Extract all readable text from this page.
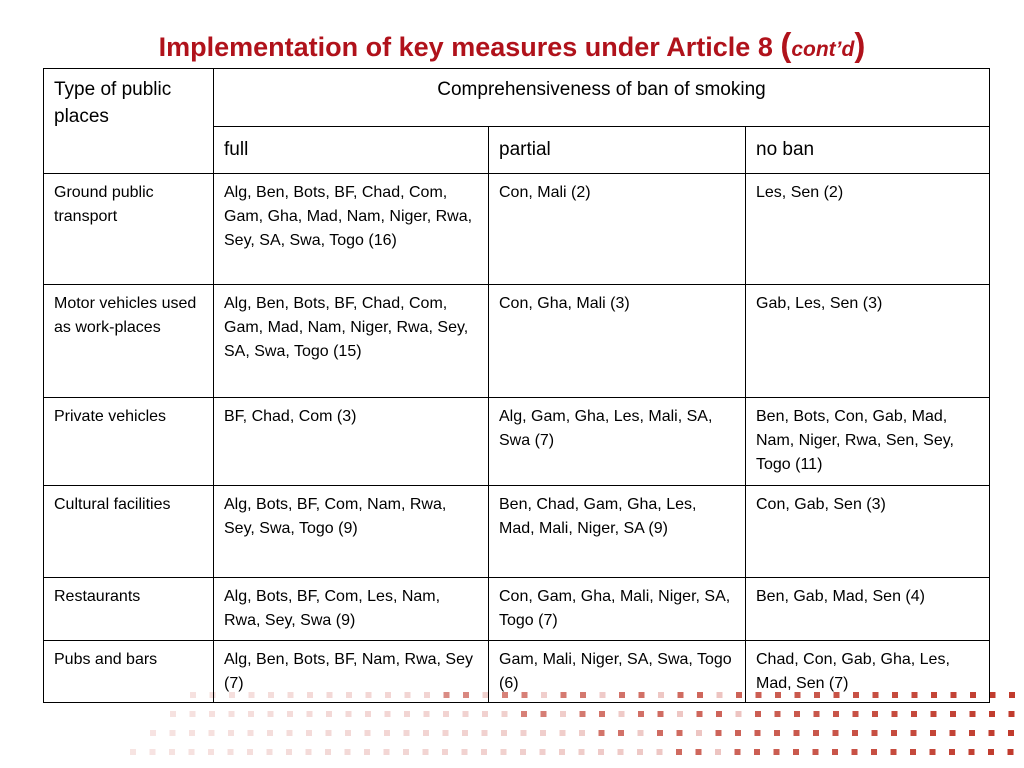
Implementation of key measures under Article 8 (cont’d)
Type of public places	Comprehensiveness of ban of smoking		
	full	partial	no ban
Ground public transport	Alg, Ben, Bots, BF, Chad, Com, Gam, Gha, Mad, Nam, Niger, Rwa, Sey, SA, Swa, Togo (16)	Con, Mali (2)	Les, Sen (2)
Motor vehicles used as work-places	Alg, Ben, Bots, BF, Chad, Com, Gam, Mad, Nam, Niger, Rwa, Sey, SA, Swa, Togo (15)	Con, Gha, Mali (3)	Gab, Les, Sen (3)
Private vehicles	BF, Chad, Com (3)	Alg, Gam, Gha, Les, Mali, SA, Swa (7)	Ben, Bots, Con, Gab, Mad, Nam, Niger, Rwa, Sen, Sey, Togo (11)
Cultural facilities	Alg, Bots, BF, Com, Nam, Rwa, Sey, Swa, Togo (9)	Ben, Chad, Gam, Gha, Les, Mad, Mali, Niger, SA (9)	Con, Gab, Sen (3)
Restaurants	Alg, Bots, BF, Com, Les, Nam, Rwa, Sey, Swa (9)	Con, Gam, Gha, Mali, Niger, SA, Togo (7)	Ben, Gab, Mad, Sen (4)
Pubs and bars	Alg, Ben, Bots, BF, Nam, Rwa, Sey (7)	Gam, Mali, Niger, SA, Swa, Togo (6)	Chad, Con, Gab, Gha, Les, Mad, Sen (7)
